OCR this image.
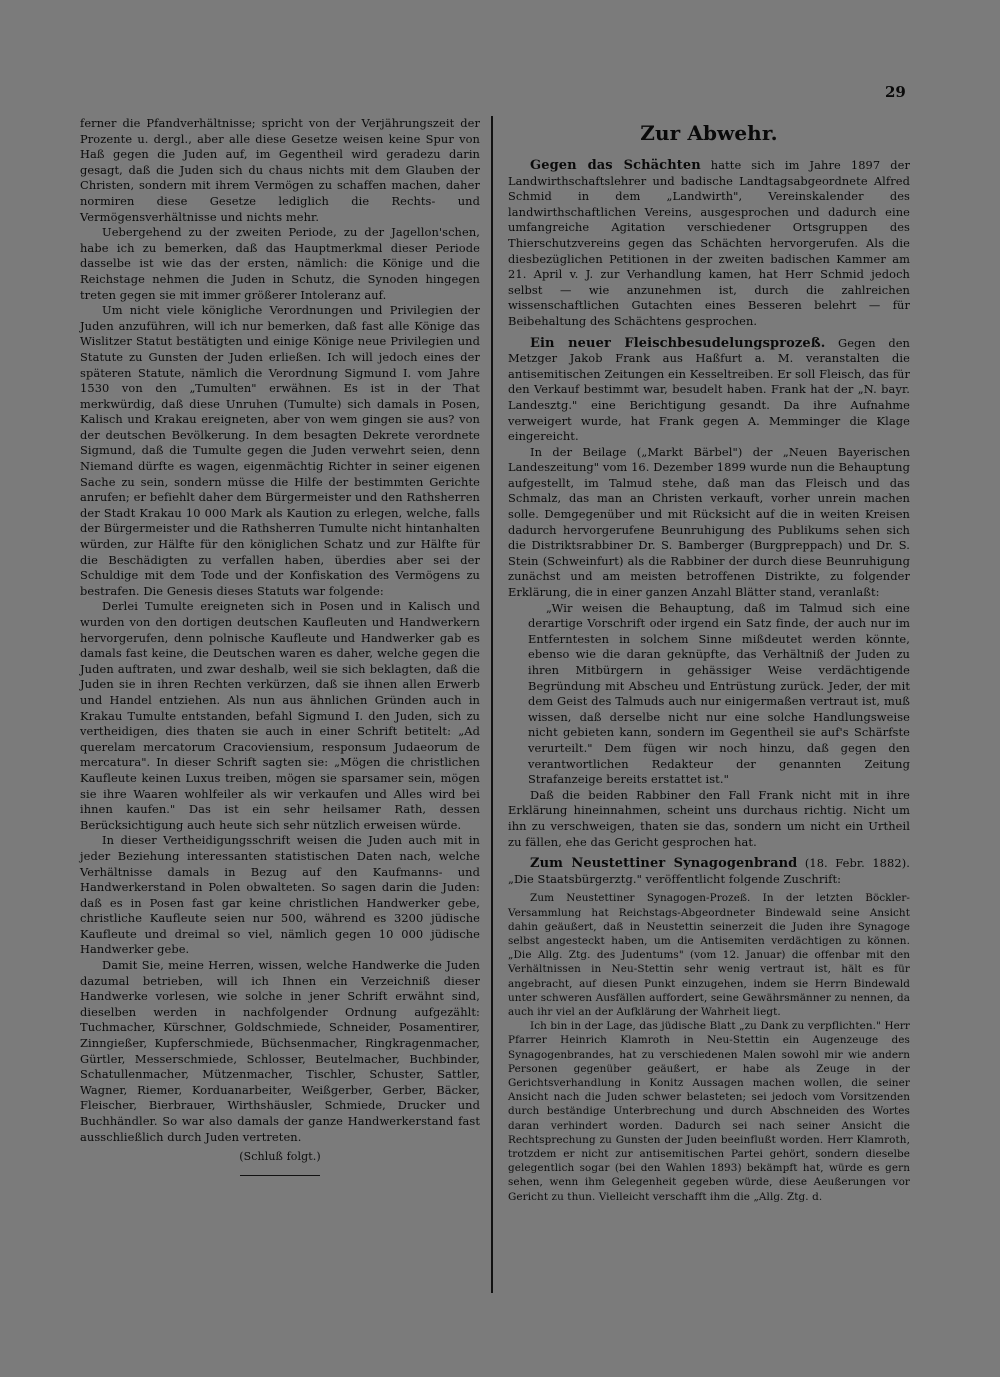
29

ferner die Pfandverhältnisse; spricht von der Verjährungszeit der Prozente u. dergl., aber alle diese Gesetze weisen keine Spur von Haß gegen die Juden auf, im Gegentheil wird geradezu darin gesagt, daß die Juden sich du chaus nichts mit dem Glauben der Christen, sondern mit ihrem Vermögen zu schaffen machen, daher normiren diese Gesetze lediglich die Rechts- und Vermögensverhältnisse und nichts mehr.

Uebergehend zu der zweiten Periode, zu der Jagellon'schen, habe ich zu bemerken, daß das Hauptmerkmal dieser Periode dasselbe ist wie das der ersten, nämlich: die Könige und die Reichstage nehmen die Juden in Schutz, die Synoden hingegen treten gegen sie mit immer größerer Intoleranz auf.

Um nicht viele königliche Verordnungen und Privilegien der Juden anzuführen, will ich nur bemerken, daß fast alle Könige das Wislitzer Statut bestätigten und einige Könige neue Privilegien und Statute zu Gunsten der Juden erließen. Ich will jedoch eines der späteren Statute, nämlich die Verordnung Sigmund I. vom Jahre 1530 von den „Tumulten" erwähnen. Es ist in der That merkwürdig, daß diese Unruhen (Tumulte) sich damals in Posen, Kalisch und Krakau ereigneten, aber von wem gingen sie aus? von der deutschen Bevölkerung. In dem besagten Dekrete verordnete Sigmund, daß die Tumulte gegen die Juden verwehrt seien, denn Niemand dürfte es wagen, eigenmächtig Richter in seiner eigenen Sache zu sein, sondern müsse die Hilfe der bestimmten Gerichte anrufen; er befiehlt daher dem Bürgermeister und den Rathsherren der Stadt Krakau 10 000 Mark als Kaution zu erlegen, welche, falls der Bürgermeister und die Rathsherren Tumulte nicht hintanhalten würden, zur Hälfte für den königlichen Schatz und zur Hälfte für die Beschädigten zu verfallen haben, überdies aber sei der Schuldige mit dem Tode und der Konfiskation des Vermögens zu bestrafen. Die Genesis dieses Statuts war folgende:

Derlei Tumulte ereigneten sich in Posen und in Kalisch und wurden von den dortigen deutschen Kaufleuten und Handwerkern hervorgerufen, denn polnische Kaufleute und Handwerker gab es damals fast keine, die Deutschen waren es daher, welche gegen die Juden auftraten, und zwar deshalb, weil sie sich beklagten, daß die Juden sie in ihren Rechten verkürzen, daß sie ihnen allen Erwerb und Handel entziehen. Als nun aus ähnlichen Gründen auch in Krakau Tumulte entstanden, befahl Sigmund I. den Juden, sich zu vertheidigen, dies thaten sie auch in einer Schrift betitelt: „Ad querelam mercatorum Cracoviensium, responsum Judaeorum de mercatura". In dieser Schrift sagten sie: „Mögen die christlichen Kaufleute keinen Luxus treiben, mögen sie sparsamer sein, mögen sie ihre Waaren wohlfeiler als wir verkaufen und Alles wird bei ihnen kaufen." Das ist ein sehr heilsamer Rath, dessen Berücksichtigung auch heute sich sehr nützlich erweisen würde.

In dieser Vertheidigungsschrift weisen die Juden auch mit in jeder Beziehung interessanten statistischen Daten nach, welche Verhältnisse damals in Bezug auf den Kaufmanns- und Handwerkerstand in Polen obwalteten. So sagen darin die Juden: daß es in Posen fast gar keine christlichen Handwerker gebe, christliche Kaufleute seien nur 500, während es 3200 jüdische Kaufleute und dreimal so viel, nämlich gegen 10 000 jüdische Handwerker gebe.

Damit Sie, meine Herren, wissen, welche Handwerke die Juden dazumal betrieben, will ich Ihnen ein Verzeichniß dieser Handwerke vorlesen, wie solche in jener Schrift erwähnt sind, dieselben werden in nachfolgender Ordnung aufgezählt: Tuchmacher, Kürschner, Goldschmiede, Schneider, Posamentirer, Zinngießer, Kupferschmiede, Büchsenmacher, Ringkragenmacher, Gürtler, Messerschmiede, Schlosser, Beutelmacher, Buchbinder, Schatullenmacher, Mützenmacher, Tischler, Schuster, Sattler, Wagner, Riemer, Korduanarbeiter, Weißgerber, Gerber, Bäcker, Fleischer, Bierbrauer, Wirthshäusler, Schmiede, Drucker und Buchhändler. So war also damals der ganze Handwerkerstand fast ausschließlich durch Juden vertreten.

(Schluß folgt.)
Zur Abwehr.

Gegen das Schächten hatte sich im Jahre 1897 der Landwirthschaftslehrer und badische Landtagsabgeordnete Alfred Schmid in dem „Landwirth", Vereinskalender des landwirthschaftlichen Vereins, ausgesprochen und dadurch eine umfangreiche Agitation verschiedener Ortsgruppen des Thierschutzvereins gegen das Schächten hervorgerufen. Als die diesbezüglichen Petitionen in der zweiten badischen Kammer am 21. April v. J. zur Verhandlung kamen, hat Herr Schmid jedoch selbst — wie anzunehmen ist, durch die zahlreichen wissenschaftlichen Gutachten eines Besseren belehrt — für Beibehaltung des Schächtens gesprochen.

Ein neuer Fleischbesudelungsprozeß. Gegen den Metzger Jakob Frank aus Haßfurt a. M. veranstalten die antisemitischen Zeitungen ein Kesseltreiben. Er soll Fleisch, das für den Verkauf bestimmt war, besudelt haben. Frank hat der „N. bayr. Landesztg." eine Berichtigung gesandt. Da ihre Aufnahme verweigert wurde, hat Frank gegen A. Memminger die Klage eingereicht.

In der Beilage („Markt Bärbel") der „Neuen Bayerischen Landeszeitung" vom 16. Dezember 1899 wurde nun die Behauptung aufgestellt, im Talmud stehe, daß man das Fleisch und das Schmalz, das man an Christen verkauft, vorher unrein machen solle. Demgegenüber und mit Rücksicht auf die in weiten Kreisen dadurch hervorgerufene Beunruhigung des Publikums sehen sich die Distriktsrabbiner Dr. S. Bamberger (Burgpreppach) und Dr. S. Stein (Schweinfurt) als die Rabbiner der durch diese Beunruhigung zunächst und am meisten betroffenen Distrikte, zu folgender Erklärung, die in einer ganzen Anzahl Blätter stand, veranlaßt:

„Wir weisen die Behauptung, daß im Talmud sich eine derartige Vorschrift oder irgend ein Satz finde, der auch nur im Entferntesten in solchem Sinne mißdeutet werden könnte, ebenso wie die daran geknüpfte, das Verhältniß der Juden zu ihren Mitbürgern in gehässiger Weise verdächtigende Begründung mit Abscheu und Entrüstung zurück. Jeder, der mit dem Geist des Talmuds auch nur einigermaßen vertraut ist, muß wissen, daß derselbe nicht nur eine solche Handlungsweise nicht gebieten kann, sondern im Gegentheil sie auf's Schärfste verurteilt." Dem fügen wir noch hinzu, daß gegen den verantwortlichen Redakteur der genannten Zeitung Strafanzeige bereits erstattet ist."

Daß die beiden Rabbiner den Fall Frank nicht mit in ihre Erklärung hineinnahmen, scheint uns durchaus richtig. Nicht um ihn zu verschweigen, thaten sie das, sondern um nicht ein Urtheil zu fällen, ehe das Gericht gesprochen hat.

Zum Neustettiner Synagogenbrand (18. Febr. 1882). „Die Staatsbürgerztg." veröffentlicht folgende Zuschrift:

Zum Neustettiner Synagogen-Prozeß. In der letzten Böckler-Versammlung hat Reichstags-Abgeordneter Bindewald seine Ansicht dahin geäußert, daß in Neustettin seinerzeit die Juden ihre Synagoge selbst angesteckt haben, um die Antisemiten verdächtigen zu können. „Die Allg. Ztg. des Judentums" (vom 12. Januar) die offenbar mit den Verhältnissen in Neu-Stettin sehr wenig vertraut ist, hält es für angebracht, auf diesen Punkt einzugehen, indem sie Herrn Bindewald unter schweren Ausfällen auffordert, seine Gewährsmänner zu nennen, da auch ihr viel an der Aufklärung der Wahrheit liegt.

Ich bin in der Lage, das jüdische Blatt „zu Dank zu verpflichten." Herr Pfarrer Heinrich Klamroth in Neu-Stettin ein Augenzeuge des Synagogenbrandes, hat zu verschiedenen Malen sowohl mir wie andern Personen gegenüber geäußert, er habe als Zeuge in der Gerichtsverhandlung in Konitz Aussagen machen wollen, die seiner Ansicht nach die Juden schwer belasteten; sei jedoch vom Vorsitzenden durch beständige Unterbrechung und durch Abschneiden des Wortes daran verhindert worden. Dadurch sei nach seiner Ansicht die Rechtsprechung zu Gunsten der Juden beeinflußt worden. Herr Klamroth, trotzdem er nicht zur antisemitischen Partei gehört, sondern dieselbe gelegentlich sogar (bei den Wahlen 1893) bekämpft hat, würde es gern sehen, wenn ihm Gelegenheit gegeben würde, diese Aeußerungen vor Gericht zu thun. Vielleicht verschafft ihm die „Allg. Ztg. d.
